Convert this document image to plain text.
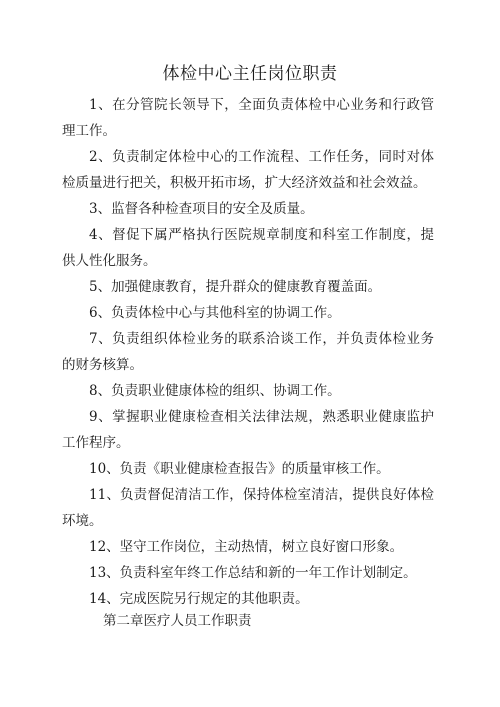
体检中心主任岗位职责

1、在分管院长领导下，全面负责体检中心业务和行政管理工作。

2、负责制定体检中心的工作流程、工作任务，同时对体检质量进行把关，积极开拓市场，扩大经济效益和社会效益。

3、监督各种检查项目的安全及质量。

4、督促下属严格执行医院规章制度和科室工作制度，提供人性化服务。

5、加强健康教育，提升群众的健康教育覆盖面。

6、负责体检中心与其他科室的协调工作。

7、负责组织体检业务的联系洽谈工作，并负责体检业务的财务核算。

8、负责职业健康体检的组织、协调工作。

9、掌握职业健康检查相关法律法规，熟悉职业健康监护工作程序。

10、负责《职业健康检查报告》的质量审核工作。

11、负责督促清洁工作，保持体检室清洁，提供良好体检环境。

12、坚守工作岗位，主动热情，树立良好窗口形象。

13、负责科室年终工作总结和新的一年工作计划制定。

14、完成医院另行规定的其他职责。

第二章医疗人员工作职责
